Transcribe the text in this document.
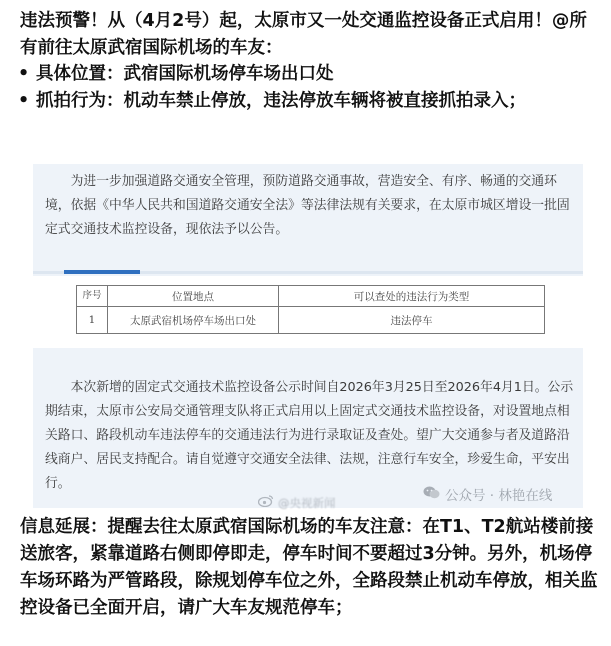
违法预警！从（4月2号）起，太原市又一处交通监控设备正式启用！@所有前往太原武宿国际机场的车友：
• 具体位置：武宿国际机场停车场出口处
• 抓拍行为：机动车禁止停放，违法停放车辆将被直接抓拍录入；
为进一步加强道路交通安全管理，预防道路交通事故，营造安全、有序、畅通的交通环境，依据《中华人民共和国道路交通安全法》等法律法规有关要求，在太原市城区增设一批固定式交通技术监控设备，现依法予以公告。
序号	位置地点	可以查处的违法行为类型
1	太原武宿机场停车场出口处	违法停车
本次新增的固定式交通技术监控设备公示时间自2026年3月25日至2026年4月1日。公示期结束，太原市公安局交通管理支队将正式启用以上固定式交通技术监控设备，对设置地点相关路口、路段机动车违法停车的交通违法行为进行录取证及查处。望广大交通参与者及道路沿线商户、居民支持配合。请自觉遵守交通安全法律、法规，注意行车安全，珍爱生命，平安出行。
@央视新闻	公众号 · 林艳在线
信息延展：提醒去往太原武宿国际机场的车友注意：在T1、T2航站楼前接送旅客，紧靠道路右侧即停即走，停车时间不要超过3分钟。另外，机场停车场环路为严管路段，除规划停车位之外，全路段禁止机动车停放，相关监控设备已全面开启，请广大车友规范停车；
